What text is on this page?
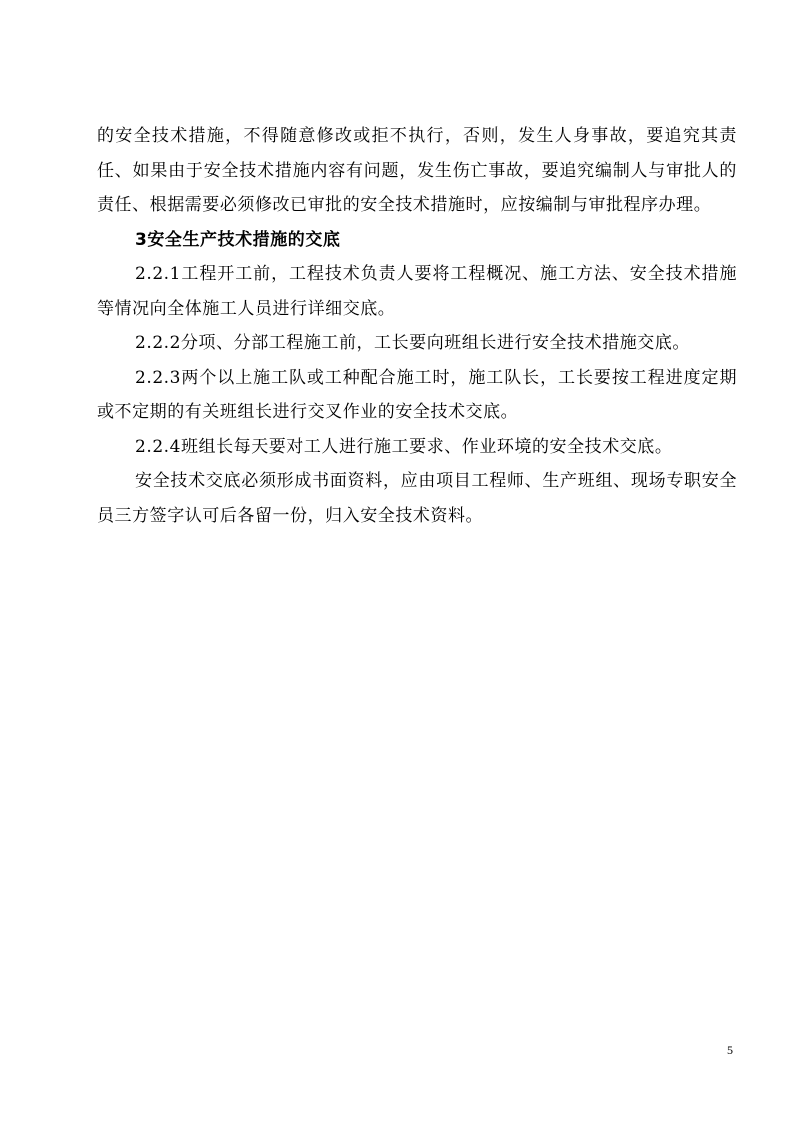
的安全技术措施，不得随意修改或拒不执行，否则，发生人身事故，要追究其责任、如果由于安全技术措施内容有问题，发生伤亡事故，要追究编制人与审批人的责任、根据需要必须修改已审批的安全技术措施时，应按编制与审批程序办理。

3安全生产技术措施的交底

2.2.1工程开工前，工程技术负责人要将工程概况、施工方法、安全技术措施等情况向全体施工人员进行详细交底。

2.2.2分项、分部工程施工前，工长要向班组长进行安全技术措施交底。

2.2.3两个以上施工队或工种配合施工时，施工队长，工长要按工程进度定期或不定期的有关班组长进行交叉作业的安全技术交底。

2.2.4班组长每天要对工人进行施工要求、作业环境的安全技术交底。

安全技术交底必须形成书面资料，应由项目工程师、生产班组、现场专职安全员三方签字认可后各留一份，归入安全技术资料。

5
